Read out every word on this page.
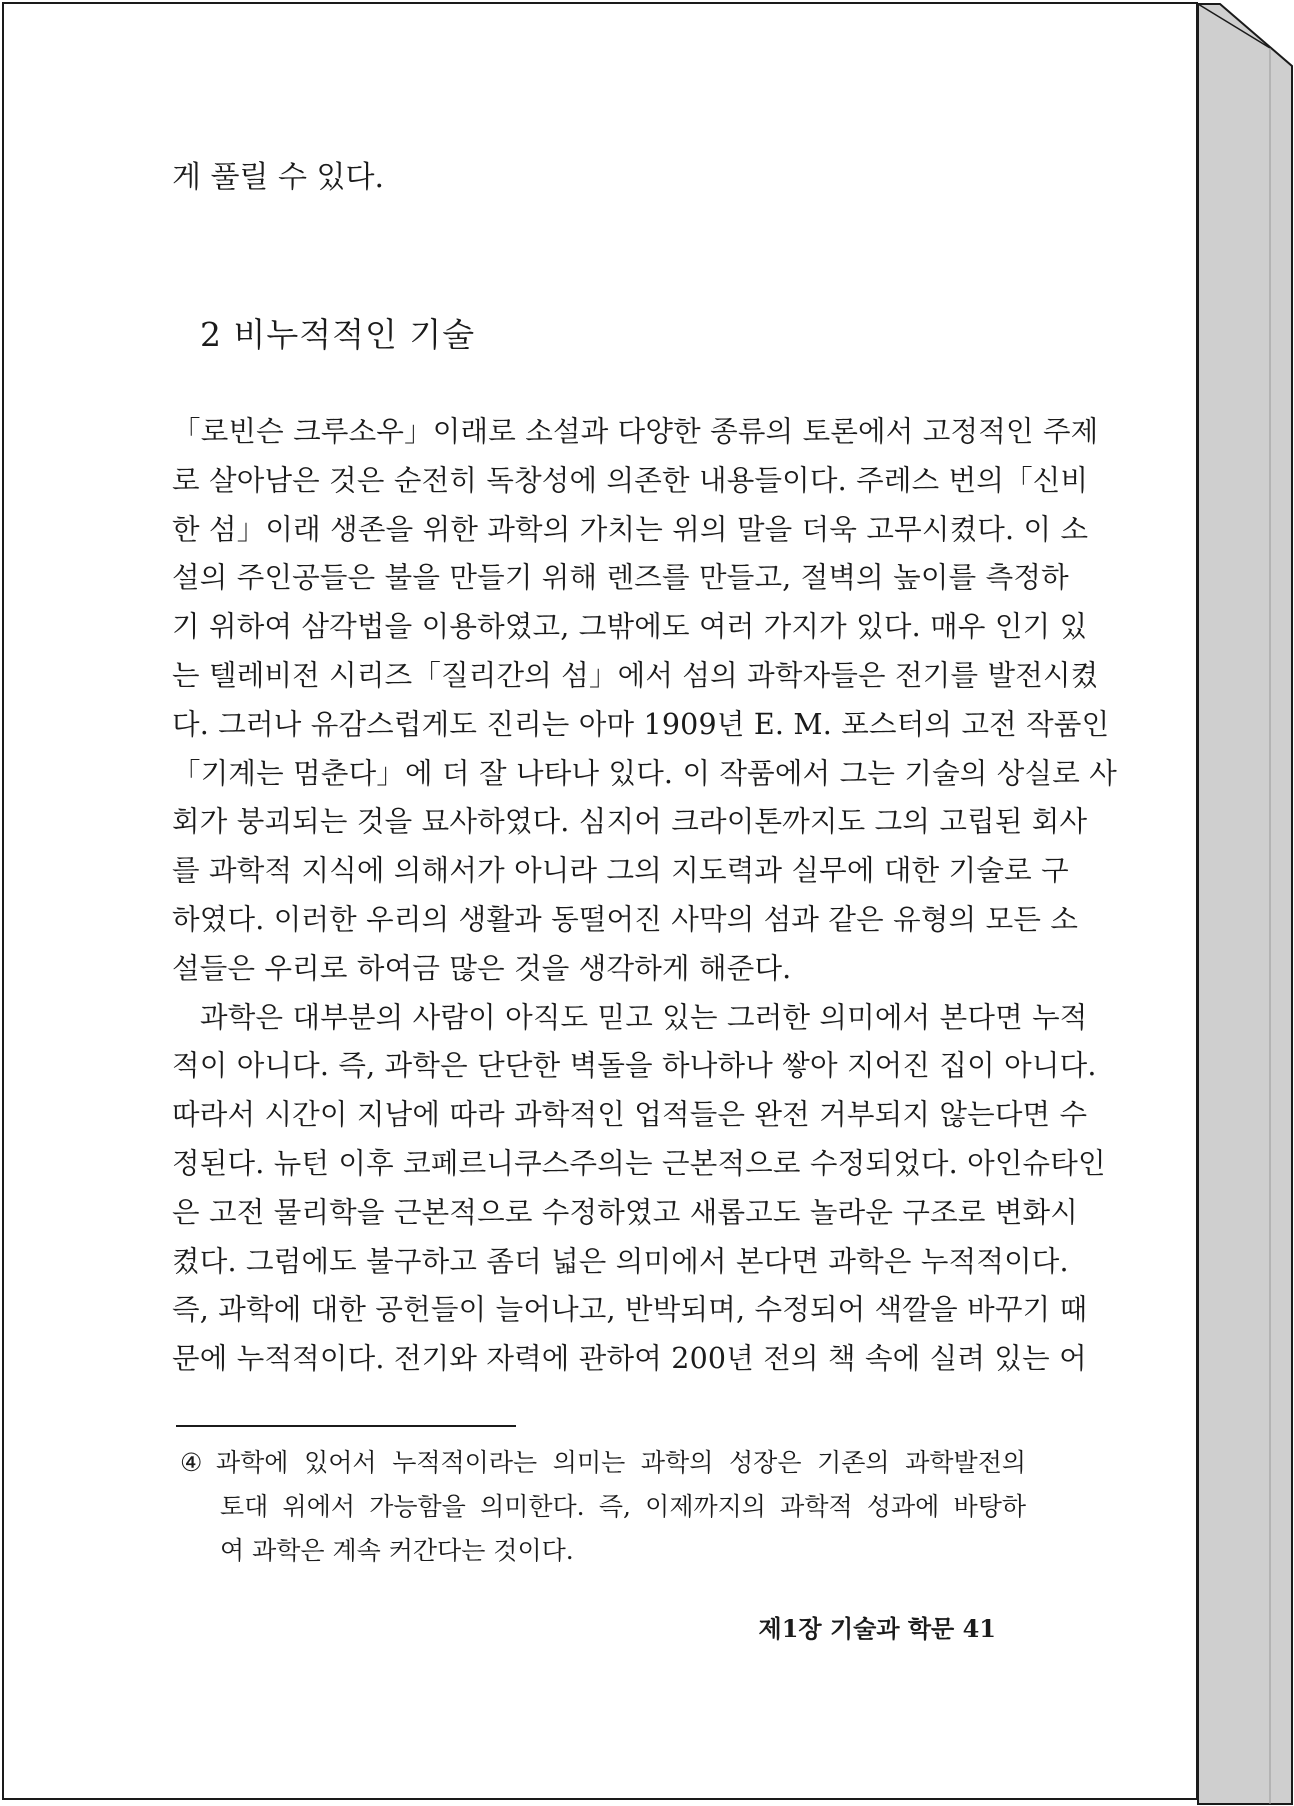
게 풀릴 수 있다.
2 비누적적인 기술
「로빈슨 크루소우」이래로 소설과 다양한 종류의 토론에서 고정적인 주제
로 살아남은 것은 순전히 독창성에 의존한 내용들이다. 주레스 번의「신비
한 섬」이래 생존을 위한 과학의 가치는 위의 말을 더욱 고무시켰다. 이 소
설의 주인공들은 불을 만들기 위해 렌즈를 만들고, 절벽의 높이를 측정하
기 위하여 삼각법을 이용하였고, 그밖에도 여러 가지가 있다. 매우 인기 있
는 텔레비전 시리즈「질리간의 섬」에서 섬의 과학자들은 전기를 발전시켰
다. 그러나 유감스럽게도 진리는 아마 1909년 E. M. 포스터의 고전 작품인
「기계는 멈춘다」에 더 잘 나타나 있다. 이 작품에서 그는 기술의 상실로 사
회가 붕괴되는 것을 묘사하였다. 심지어 크라이톤까지도 그의 고립된 회사
를 과학적 지식에 의해서가 아니라 그의 지도력과 실무에 대한 기술로 구
하였다. 이러한 우리의 생활과 동떨어진 사막의 섬과 같은 유형의 모든 소
설들은 우리로 하여금 많은 것을 생각하게 해준다.
과학은 대부분의 사람이 아직도 믿고 있는 그러한 의미에서 본다면 누적
적이 아니다. 즉, 과학은 단단한 벽돌을 하나하나 쌓아 지어진 집이 아니다.
따라서 시간이 지남에 따라 과학적인 업적들은 완전 거부되지 않는다면 수
정된다. 뉴턴 이후 코페르니쿠스주의는 근본적으로 수정되었다. 아인슈타인
은 고전 물리학을 근본적으로 수정하였고 새롭고도 놀라운 구조로 변화시
켰다. 그럼에도 불구하고 좀더 넓은 의미에서 본다면 과학은 누적적이다.
즉, 과학에 대한 공헌들이 늘어나고, 반박되며, 수정되어 색깔을 바꾸기 때
문에 누적적이다. 전기와 자력에 관하여 200년 전의 책 속에 실려 있는 어
④ 과학에 있어서 누적적이라는 의미는 과학의 성장은 기존의 과학발전의
토대 위에서 가능함을 의미한다. 즉, 이제까지의 과학적 성과에 바탕하
여 과학은 계속 커간다는 것이다.
제1장 기술과 학문 41
